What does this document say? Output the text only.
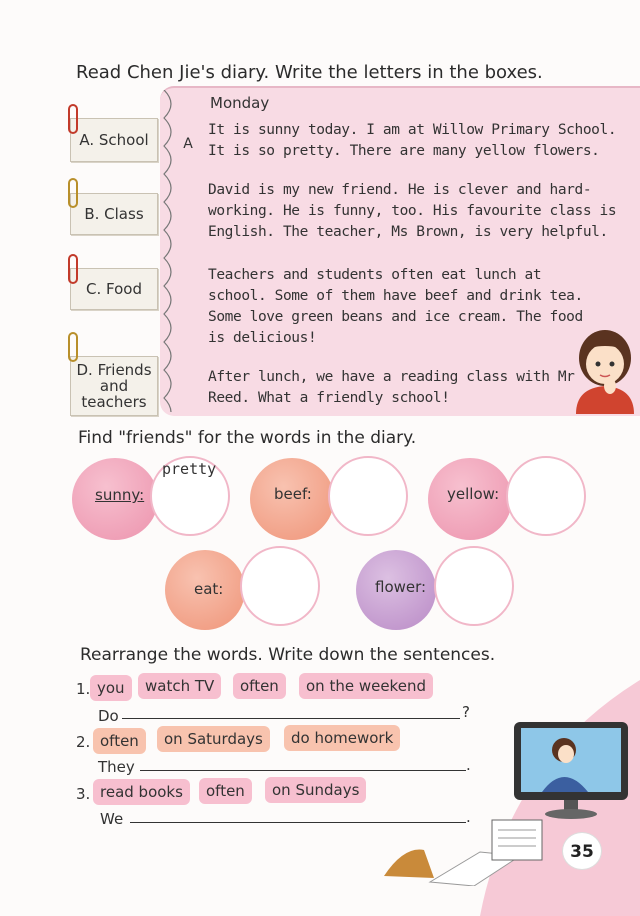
Read Chen Jie's diary. Write the letters in the boxes.
A. School
B. Class
C. Food
D. Friends
and
teachers
Monday
A
It is sunny today. I am at Willow Primary School.
It is so pretty. There are many yellow flowers.
David is my new friend. He is clever and hard-
working. He is funny, too. His favourite class is
English. The teacher, Ms Brown, is very helpful.
Teachers and students often eat lunch at
school. Some of them have beef and drink tea.
Some love green beans and ice cream. The food
is delicious!
After lunch, we have a reading class with Mr
Reed. What a friendly school!
Find "friends" for the words in the diary.
sunny:
pretty
beef:	yellow:
eat:	flower:
Rearrange the words. Write down the sentences.
1. you	watch TV	often	on the weekend
Do	?
2. often	on Saturdays	do homework
They	.
3. read books	often	on Sundays
We	.
35
